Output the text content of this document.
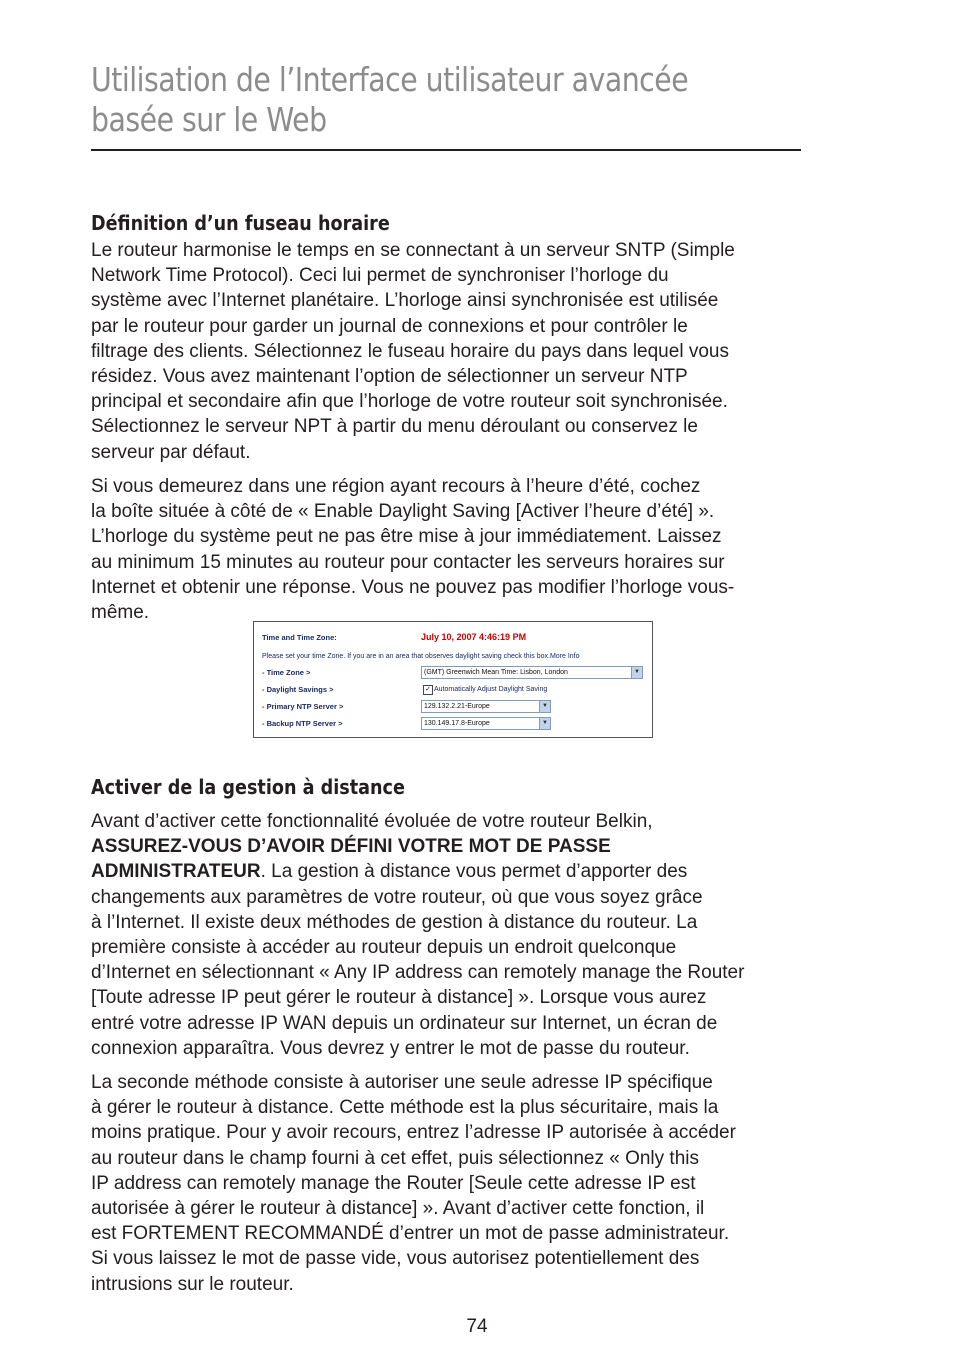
Utilisation de l’Interface utilisateur avancée
basée sur le Web
Définition d’un fuseau horaire
Le routeur harmonise le temps en se connectant à un serveur SNTP (Simple
Network Time Protocol). Ceci lui permet de synchroniser l’horloge du
système avec l’Internet planétaire. L’horloge ainsi synchronisée est utilisée
par le routeur pour garder un journal de connexions et pour contrôler le
filtrage des clients. Sélectionnez le fuseau horaire du pays dans lequel vous
résidez. Vous avez maintenant l’option de sélectionner un serveur NTP
principal et secondaire afin que l’horloge de votre routeur soit synchronisée.
Sélectionnez le serveur NPT à partir du menu déroulant ou conservez le
serveur par défaut.
Si vous demeurez dans une région ayant recours à l’heure d’été, cochez
la boîte située à côté de « Enable Daylight Saving [Activer l’heure d’été] ».
L’horloge du système peut ne pas être mise à jour immédiatement. Laissez
au minimum 15 minutes au routeur pour contacter les serveurs horaires sur
Internet et obtenir une réponse. Vous ne pouvez pas modifier l’horloge vous-
même.
Time and Time Zone:	July 10, 2007 4:46:19 PM
Please set your time Zone. If you are in an area that observes daylight saving check this box.More Info
- Time Zone >	(GMT) Greenwich Mean Time: Lisbon, London	▼
- Daylight Savings >	✓ Automatically Adjust Daylight Saving
- Primary NTP Server >	129.132.2.21-Europe	▼
- Backup NTP Server >	130.149.17.8-Europe	▼
Activer de la gestion à distance
Avant d’activer cette fonctionnalité évoluée de votre routeur Belkin,
ASSUREZ-VOUS D’AVOIR DÉFINI VOTRE MOT DE PASSE
ADMINISTRATEUR. La gestion à distance vous permet d’apporter des
changements aux paramètres de votre routeur, où que vous soyez grâce
à l’Internet. Il existe deux méthodes de gestion à distance du routeur. La
première consiste à accéder au routeur depuis un endroit quelconque
d’Internet en sélectionnant « Any IP address can remotely manage the Router
[Toute adresse IP peut gérer le routeur à distance] ». Lorsque vous aurez
entré votre adresse IP WAN depuis un ordinateur sur Internet, un écran de
connexion apparaîtra. Vous devrez y entrer le mot de passe du routeur.
La seconde méthode consiste à autoriser une seule adresse IP spécifique
à gérer le routeur à distance. Cette méthode est la plus sécuritaire, mais la
moins pratique. Pour y avoir recours, entrez l’adresse IP autorisée à accéder
au routeur dans le champ fourni à cet effet, puis sélectionnez « Only this
IP address can remotely manage the Router [Seule cette adresse IP est
autorisée à gérer le routeur à distance] ». Avant d’activer cette fonction, il
est FORTEMENT RECOMMANDÉ d’entrer un mot de passe administrateur.
Si vous laissez le mot de passe vide, vous autorisez potentiellement des
intrusions sur le routeur.
74
